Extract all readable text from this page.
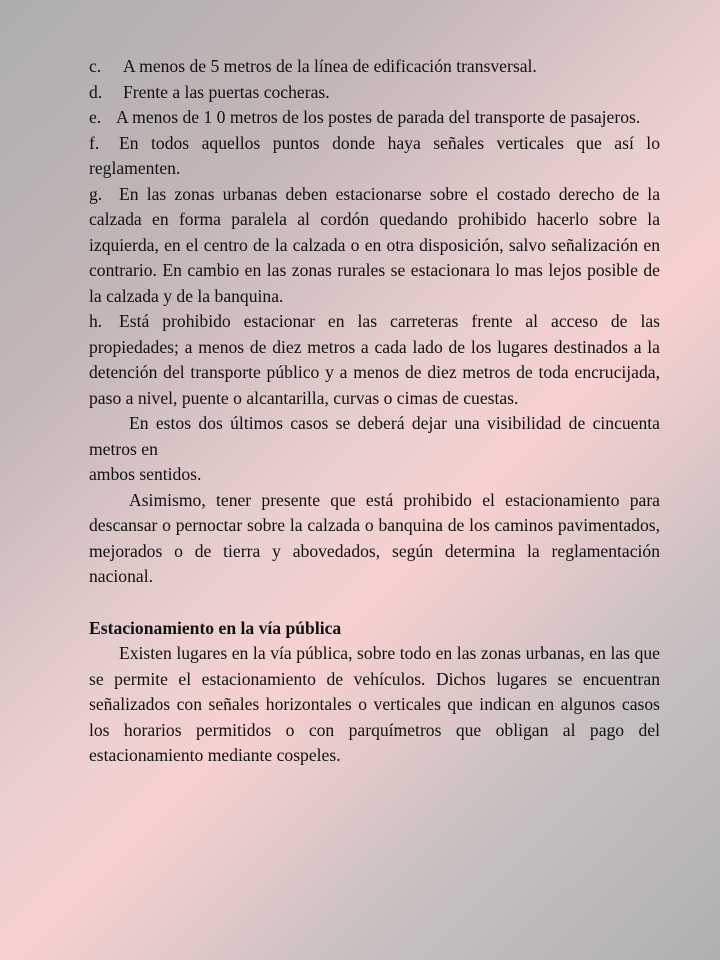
c. A menos de 5 metros de la línea de edificación transversal.

d. Frente a las puertas cocheras.

e. A menos de 1 0 metros de los postes de parada del transporte de pasajeros.

f. En todos aquellos puntos donde haya señales verticales que así lo reglamenten.

g. En las zonas urbanas deben estacionarse sobre el costado derecho de la calzada en forma paralela al cordón quedando prohibido hacerlo sobre la izquierda, en el centro de la calzada o en otra disposición, salvo señalización en contrario. En cambio en las zonas rurales se estacionara lo mas lejos posible de la calzada y de la banquina.

h. Está prohibido estacionar en las carreteras frente al acceso de las propiedades; a menos de diez metros a cada lado de los lugares destinados a la detención del transporte público y a menos de diez metros de toda encrucijada, paso a nivel, puente o alcantarilla, curvas o cimas de cuestas.

En estos dos últimos casos se deberá dejar una visibilidad de cincuenta metros en

ambos sentidos.

Asimismo, tener presente que está prohibido el estacionamiento para descansar o pernoctar sobre la calzada o banquina de los caminos pavimentados, mejorados o de tierra y abovedados, según determina la reglamentación nacional.

Estacionamiento en la vía pública

Existen lugares en la vía pública, sobre todo en las zonas urbanas, en las que se permite el estacionamiento de vehículos. Dichos lugares se encuentran señalizados con señales horizontales o verticales que indican en algunos casos los horarios permitidos o con parquímetros que obligan al pago del estacionamiento mediante cospeles.
